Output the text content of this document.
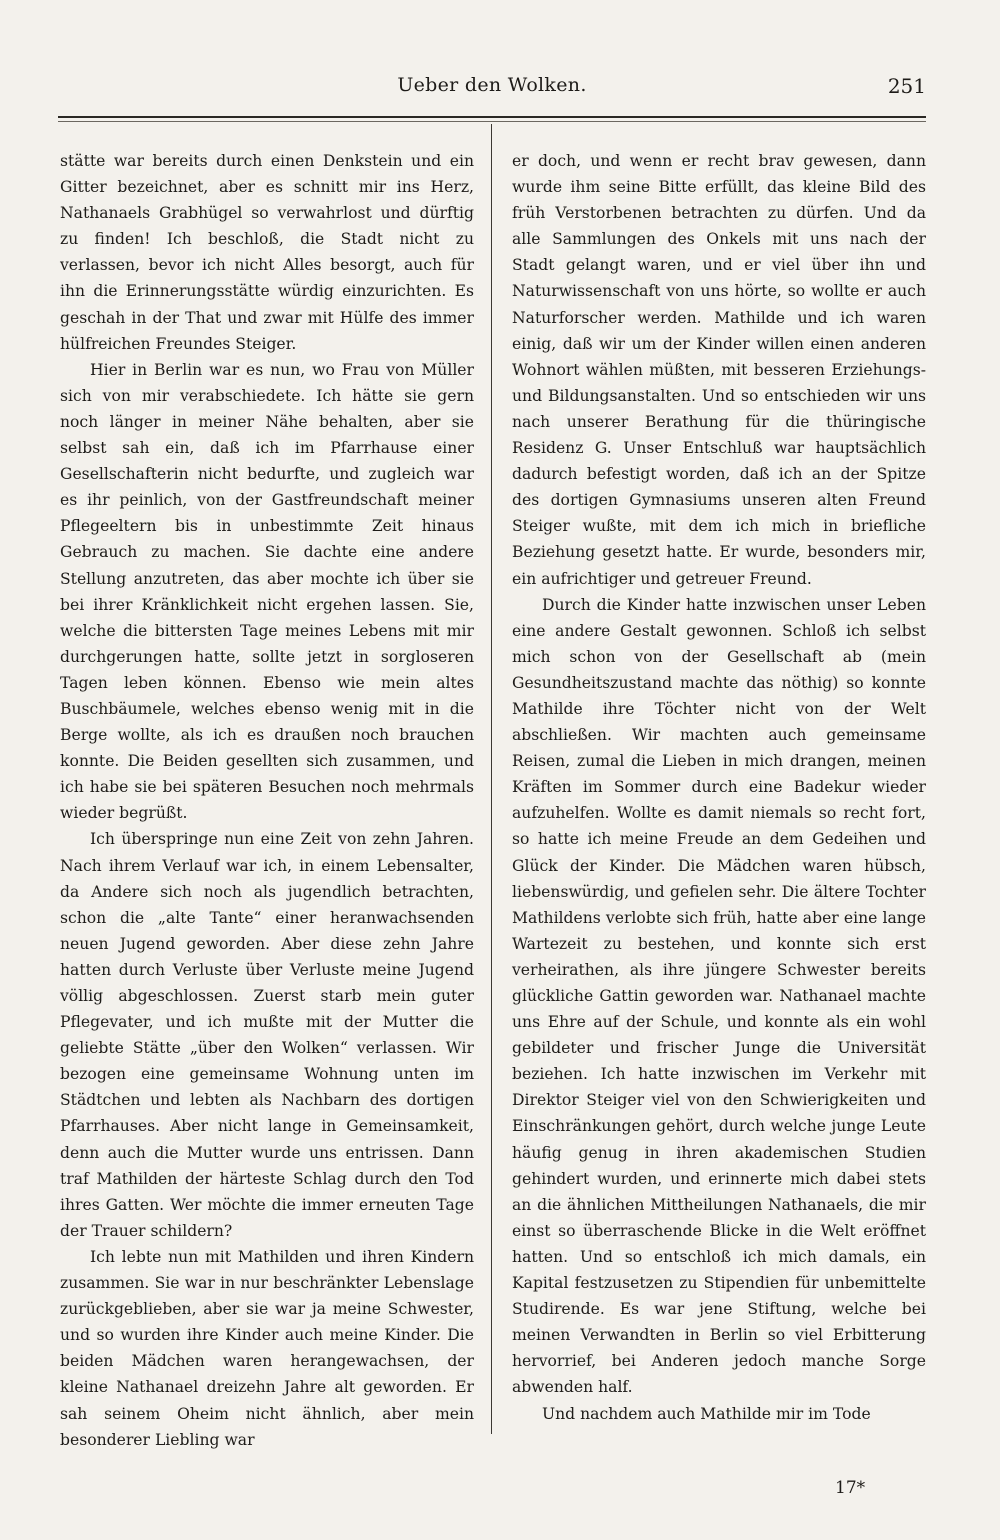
Ueber den Wolken.	251

stätte war bereits durch einen Denkstein und ein Gitter bezeichnet, aber es schnitt mir ins Herz, Nathanaels Grabhügel so verwahrlost und dürftig zu finden! Ich beschloß, die Stadt nicht zu verlassen, bevor ich nicht Alles besorgt, auch für ihn die Erinnerungsstätte würdig einzurichten. Es geschah in der That und zwar mit Hülfe des immer hülfreichen Freundes Steiger.

Hier in Berlin war es nun, wo Frau von Müller sich von mir verabschiedete. Ich hätte sie gern noch länger in meiner Nähe behalten, aber sie selbst sah ein, daß ich im Pfarrhause einer Gesellschafterin nicht bedurfte, und zugleich war es ihr peinlich, von der Gastfreundschaft meiner Pflegeeltern bis in unbestimmte Zeit hinaus Gebrauch zu machen. Sie dachte eine andere Stellung anzutreten, das aber mochte ich über sie bei ihrer Kränklichkeit nicht ergehen lassen. Sie, welche die bittersten Tage meines Lebens mit mir durchgerungen hatte, sollte jetzt in sorgloseren Tagen leben können. Ebenso wie mein altes Buschbäumele, welches ebenso wenig mit in die Berge wollte, als ich es draußen noch brauchen konnte. Die Beiden gesellten sich zusammen, und ich habe sie bei späteren Besuchen noch mehrmals wieder begrüßt.

Ich überspringe nun eine Zeit von zehn Jahren. Nach ihrem Verlauf war ich, in einem Lebensalter, da Andere sich noch als jugendlich betrachten, schon die „alte Tante“ einer heranwachsenden neuen Jugend geworden. Aber diese zehn Jahre hatten durch Verluste über Verluste meine Jugend völlig abgeschlossen. Zuerst starb mein guter Pflegevater, und ich mußte mit der Mutter die geliebte Stätte „über den Wolken“ verlassen. Wir bezogen eine gemeinsame Wohnung unten im Städtchen und lebten als Nachbarn des dortigen Pfarrhauses. Aber nicht lange in Gemeinsamkeit, denn auch die Mutter wurde uns entrissen. Dann traf Mathilden der härteste Schlag durch den Tod ihres Gatten. Wer möchte die immer erneuten Tage der Trauer schildern?

Ich lebte nun mit Mathilden und ihren Kindern zusammen. Sie war in nur beschränkter Lebenslage zurückgeblieben, aber sie war ja meine Schwester, und so wurden ihre Kinder auch meine Kinder. Die beiden Mädchen waren herangewachsen, der kleine Nathanael dreizehn Jahre alt geworden. Er sah seinem Oheim nicht ähnlich, aber mein besonderer Liebling war

er doch, und wenn er recht brav gewesen, dann wurde ihm seine Bitte erfüllt, das kleine Bild des früh Verstorbenen betrachten zu dürfen. Und da alle Sammlungen des Onkels mit uns nach der Stadt gelangt waren, und er viel über ihn und Naturwissenschaft von uns hörte, so wollte er auch Naturforscher werden. Mathilde und ich waren einig, daß wir um der Kinder willen einen anderen Wohnort wählen müßten, mit besseren Erziehungs- und Bildungsanstalten. Und so entschieden wir uns nach unserer Berathung für die thüringische Residenz G. Unser Entschluß war hauptsächlich dadurch befestigt worden, daß ich an der Spitze des dortigen Gymnasiums unseren alten Freund Steiger wußte, mit dem ich mich in briefliche Beziehung gesetzt hatte. Er wurde, besonders mir, ein aufrichtiger und getreuer Freund.

Durch die Kinder hatte inzwischen unser Leben eine andere Gestalt gewonnen. Schloß ich selbst mich schon von der Gesellschaft ab (mein Gesundheitszustand machte das nöthig) so konnte Mathilde ihre Töchter nicht von der Welt abschließen. Wir machten auch gemeinsame Reisen, zumal die Lieben in mich drangen, meinen Kräften im Sommer durch eine Badekur wieder aufzuhelfen. Wollte es damit niemals so recht fort, so hatte ich meine Freude an dem Gedeihen und Glück der Kinder. Die Mädchen waren hübsch, liebenswürdig, und gefielen sehr. Die ältere Tochter Mathildens verlobte sich früh, hatte aber eine lange Wartezeit zu bestehen, und konnte sich erst verheirathen, als ihre jüngere Schwester bereits glückliche Gattin geworden war. Nathanael machte uns Ehre auf der Schule, und konnte als ein wohl gebildeter und frischer Junge die Universität beziehen. Ich hatte inzwischen im Verkehr mit Direktor Steiger viel von den Schwierigkeiten und Einschränkungen gehört, durch welche junge Leute häufig genug in ihren akademischen Studien gehindert wurden, und erinnerte mich dabei stets an die ähnlichen Mittheilungen Nathanaels, die mir einst so überraschende Blicke in die Welt eröffnet hatten. Und so entschloß ich mich damals, ein Kapital festzusetzen zu Stipendien für unbemittelte Studirende. Es war jene Stiftung, welche bei meinen Verwandten in Berlin so viel Erbitterung hervorrief, bei Anderen jedoch manche Sorge abwenden half.

Und nachdem auch Mathilde mir im Tode

17*
